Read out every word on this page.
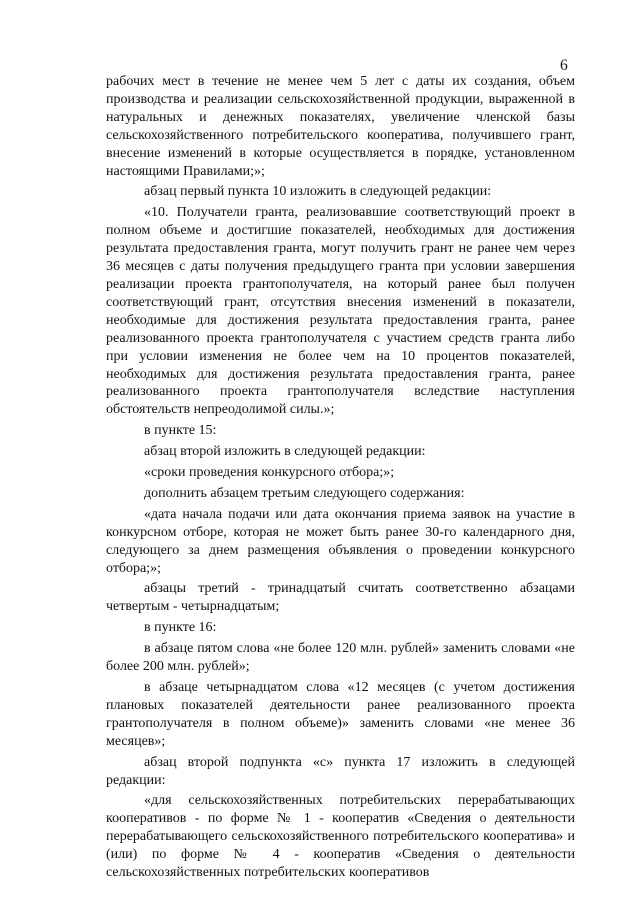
6

рабочих мест в течение не менее чем 5 лет с даты их создания, объем производства и реализации сельскохозяйственной продукции, выраженной в натуральных и денежных показателях, увеличение членской базы сельскохозяйственного потребительского кооператива, получившего грант, внесение изменений в которые осуществляется в порядке, установленном настоящими Правилами;»;

абзац первый пункта 10 изложить в следующей редакции:

«10. Получатели гранта, реализовавшие соответствующий проект в полном объеме и достигшие показателей, необходимых для достижения результата предоставления гранта, могут получить грант не ранее чем через 36 месяцев с даты получения предыдущего гранта при условии завершения реализации проекта грантополучателя, на который ранее был получен соответствующий грант, отсутствия внесения изменений в показатели, необходимые для достижения результата предоставления гранта, ранее реализованного проекта грантополучателя с участием средств гранта либо при условии изменения не более чем на 10 процентов показателей, необходимых для достижения результата предоставления гранта, ранее реализованного проекта грантополучателя вследствие наступления обстоятельств непреодолимой силы.»;

в пункте 15:

абзац второй изложить в следующей редакции:

«сроки проведения конкурсного отбора;»;

дополнить абзацем третьим следующего содержания:

«дата начала подачи или дата окончания приема заявок на участие в конкурсном отборе, которая не может быть ранее 30-го календарного дня, следующего за днем размещения объявления о проведении конкурсного отбора;»;

абзацы третий - тринадцатый считать соответственно абзацами четвертым - четырнадцатым;

в пункте 16:

в абзаце пятом слова «не более 120 млн. рублей» заменить словами «не более 200 млн. рублей»;

в абзаце четырнадцатом слова «12 месяцев (с учетом достижения плановых показателей деятельности ранее реализованного проекта грантополучателя в полном объеме)» заменить словами «не менее 36 месяцев»;

абзац второй подпункта «с» пункта 17 изложить в следующей редакции:

«для сельскохозяйственных потребительских перерабатывающих кооперативов - по форме № 1 - кооператив «Сведения о деятельности перерабатывающего сельскохозяйственного потребительского кооператива» и (или) по форме № 4 - кооператив «Сведения о деятельности сельскохозяйственных потребительских кооперативов
